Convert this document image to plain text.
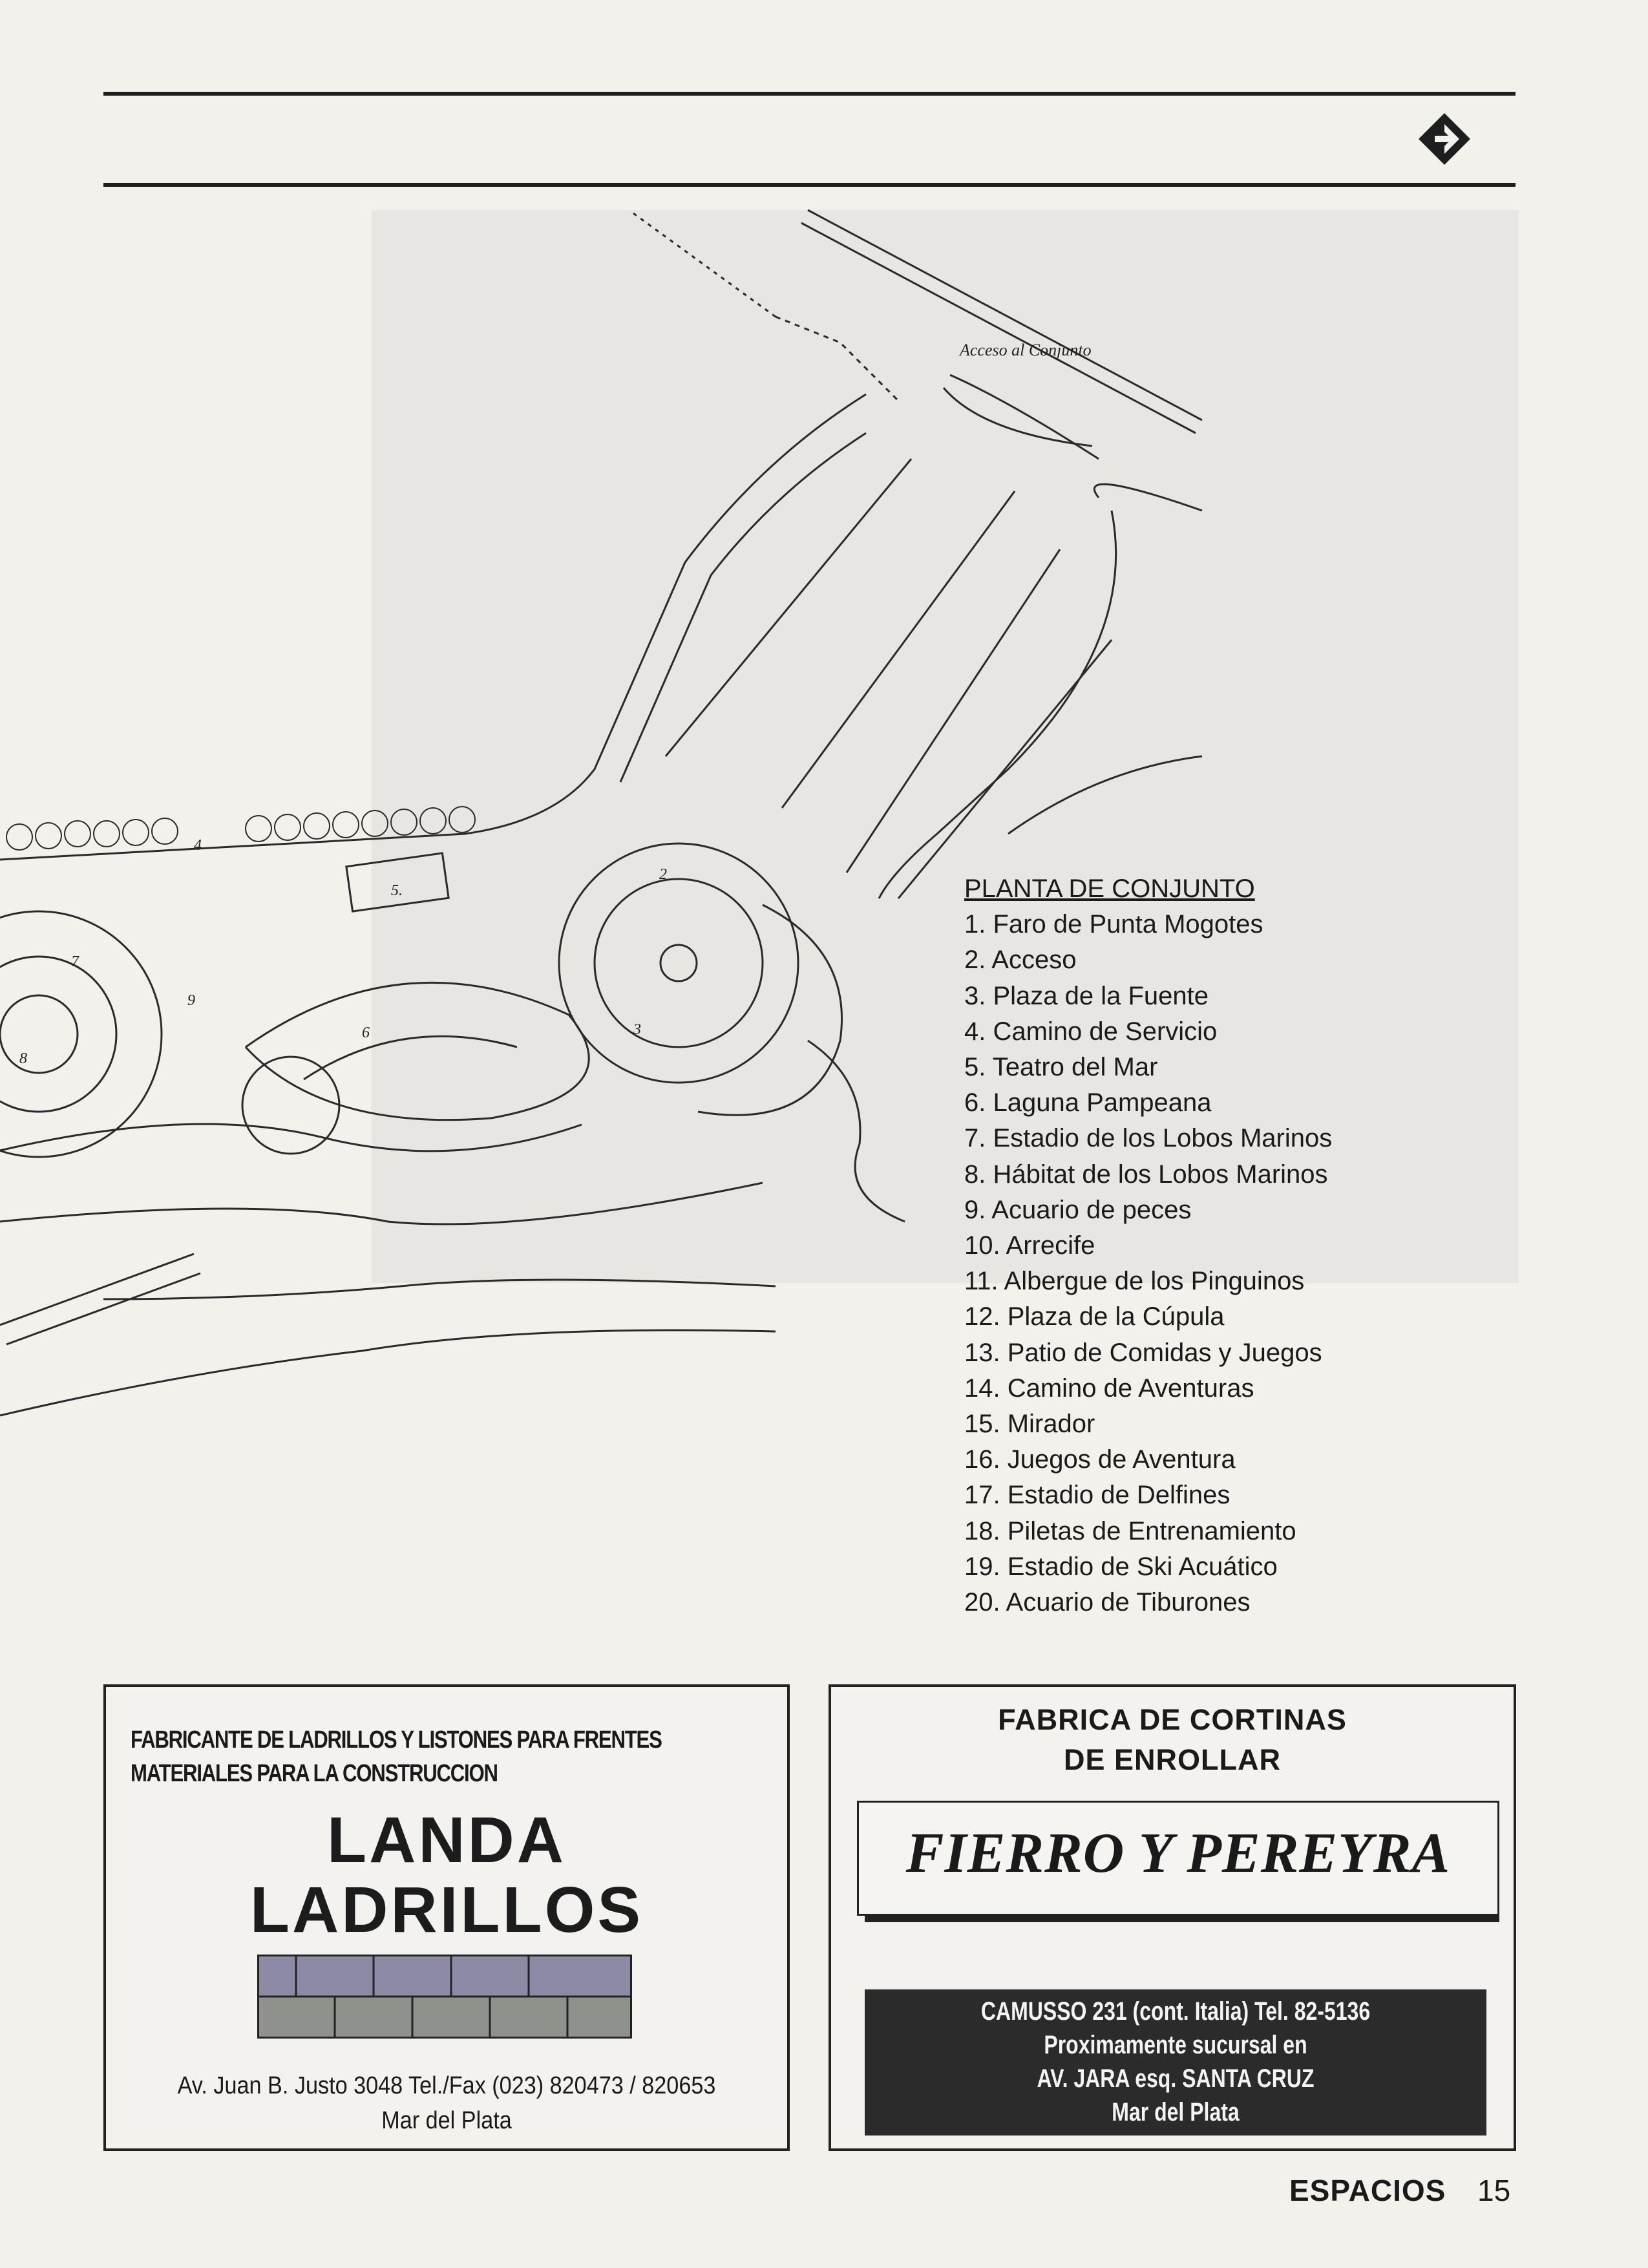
Acceso al Conjunto
2
3
4
5.
6
7
8
9
PLANTA DE CONJUNTO
1. Faro de Punta Mogotes
2. Acceso
3. Plaza de la Fuente
4. Camino de Servicio
5. Teatro del Mar
6. Laguna Pampeana
7. Estadio de los Lobos Marinos
8. Hábitat de los Lobos Marinos
9. Acuario de peces
10. Arrecife
11. Albergue de los Pinguinos
12. Plaza de la Cúpula
13. Patio de Comidas y Juegos
14. Camino de Aventuras
15. Mirador
16. Juegos de Aventura
17. Estadio de Delfines
18. Piletas de Entrenamiento
19. Estadio de Ski Acuático
20. Acuario de Tiburones
FABRICANTE DE LADRILLOS Y LISTONES PARA FRENTES
MATERIALES PARA LA CONSTRUCCION
LANDA
LADRILLOS
Av. Juan B. Justo 3048 Tel./Fax (023) 820473 / 820653
Mar del Plata
FABRICA DE CORTINAS
DE ENROLLAR
FIERRO Y PEREYRA
CAMUSSO 231 (cont. Italia) Tel. 82-5136
Proximamente sucursal en
AV. JARA esq. SANTA CRUZ
Mar del Plata
ESPACIOS 15
